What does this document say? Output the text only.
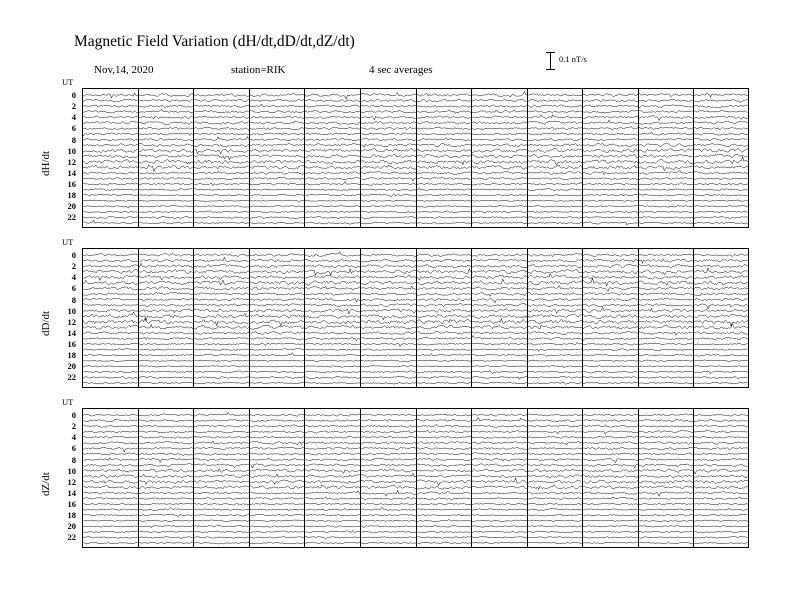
Magnetic Field Variation (dH/dt,dD/dt,dZ/dt)
Nov,14, 2020	station=RIK	4 sec averages
0.1 nT/s
UT
0
2
4
6
8
10
12
14
16
18
20
22
dH/dt
UT
0
2
4
6
8
10
12
14
16
18
20
22
dD/dt
UT
0
2
4
6
8
10
12
14
16
18
20
22
dZ/dt
